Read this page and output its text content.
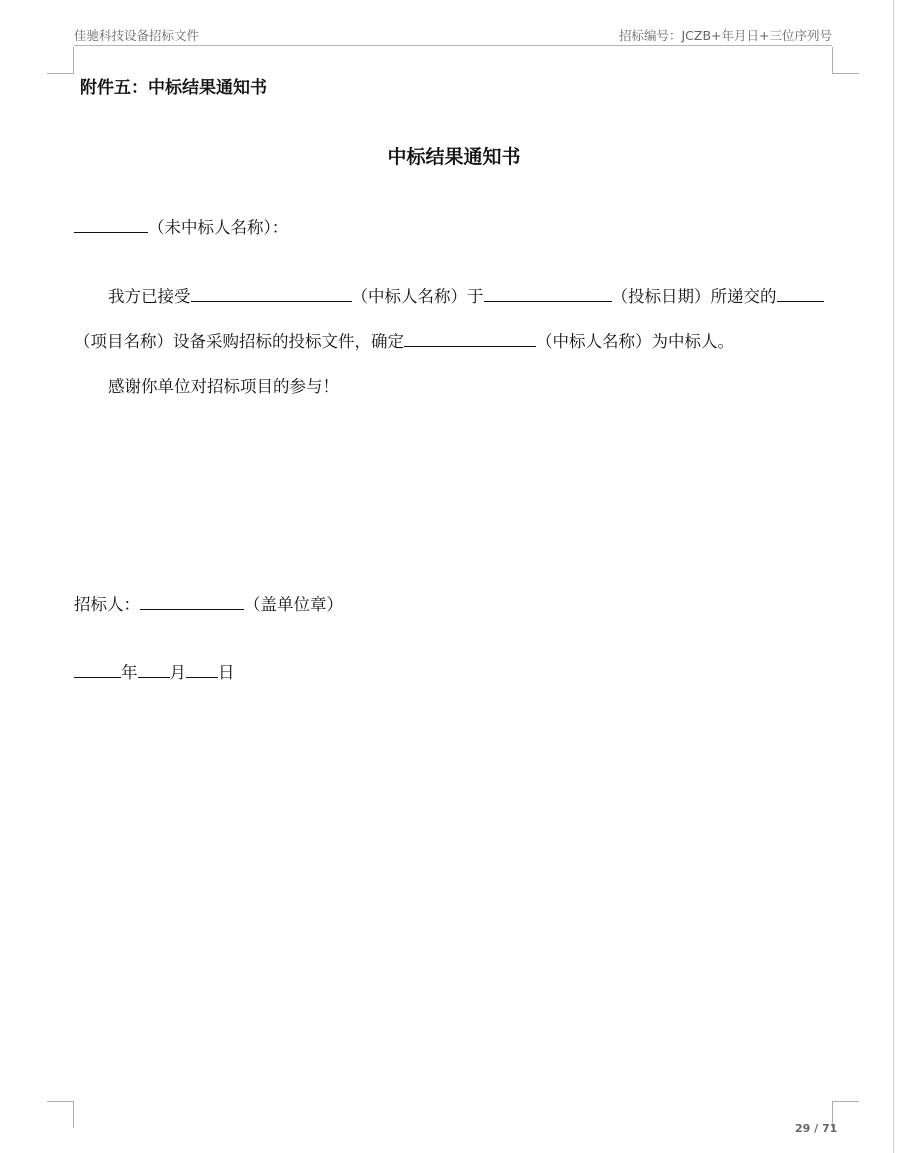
佳驰科技设备招标文件	招标编号：JCZB+年月日+三位序列号
附件五：中标结果通知书
中标结果通知书
（未中标人名称）：
我方已接受	（中标人名称）于	（投标日期）所递交的
（项目名称）设备采购招标的投标文件，确定	（中标人名称）为中标人。
感谢你单位对招标项目的参与！
招标人：	（盖单位章）
年 月 日
29 / 71
